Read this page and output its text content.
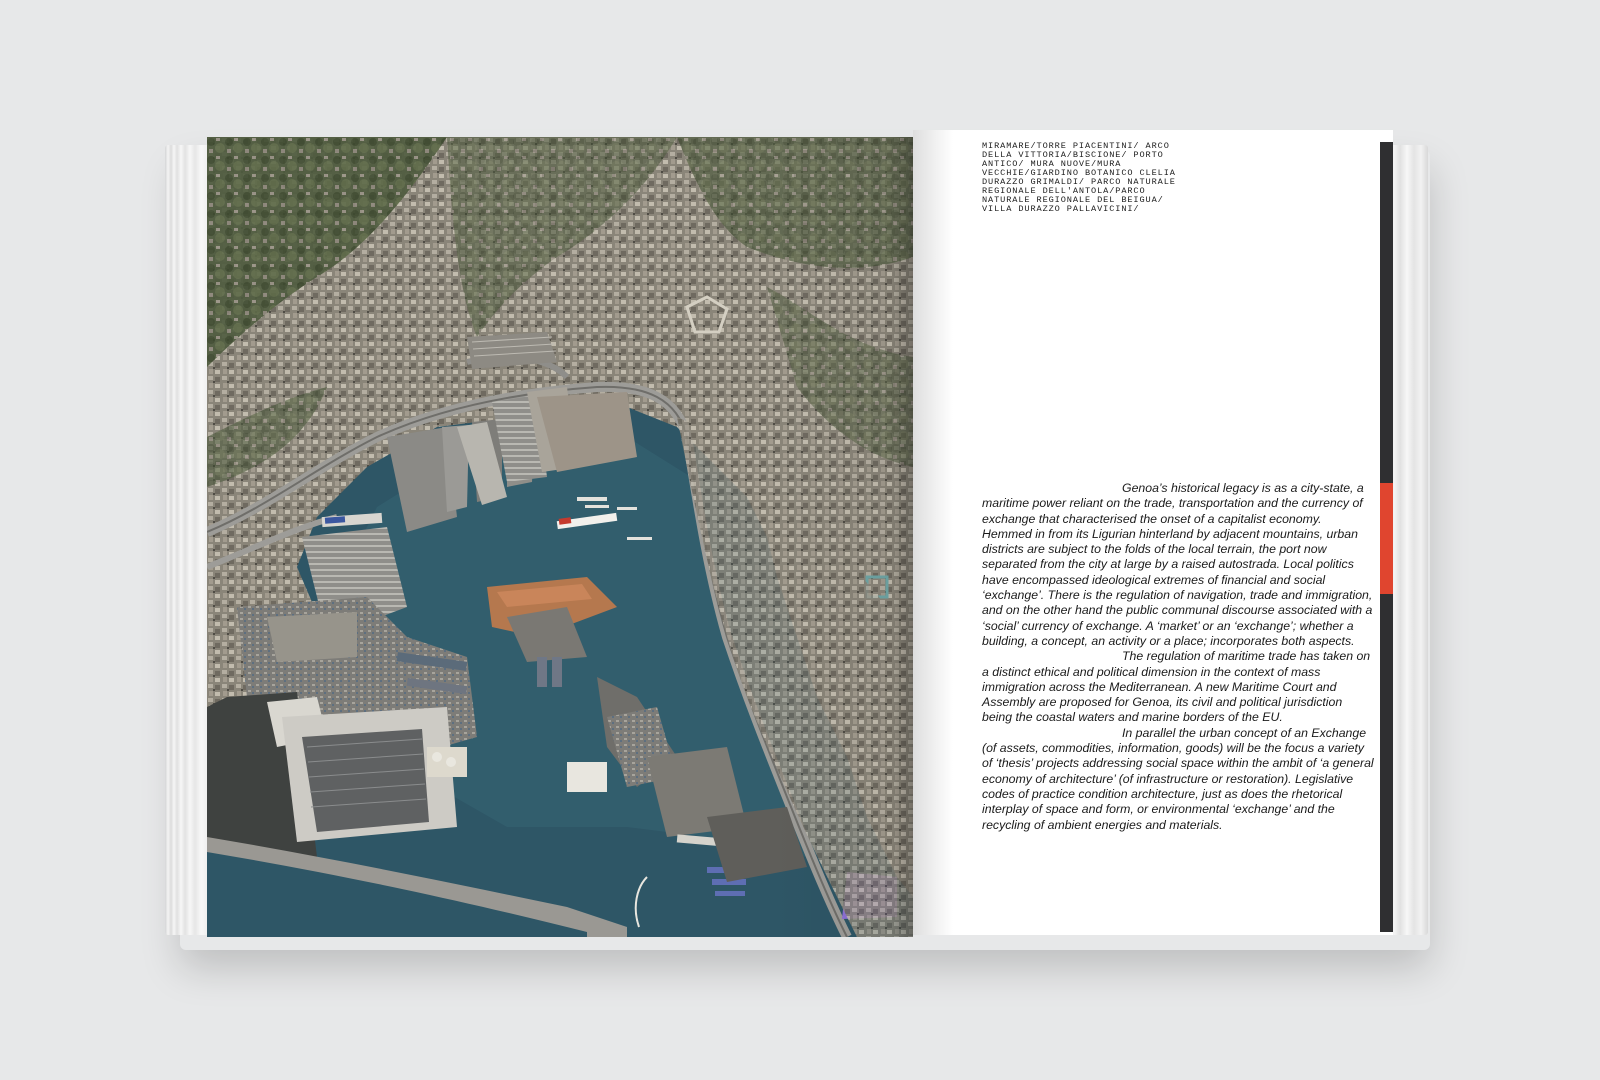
MIRAMARE/TORRE PIACENTINI/ ARCO DELLA VITTORIA/BISCIONE/ PORTO ANTICO/ MURA NUOVE/MURA VECCHIE/GIARDINO BOTANICO CLELIA DURAZZO GRIMALDI/ PARCO NATURALE REGIONALE DELL'ANTOLA/PARCO NATURALE REGIONALE DEL BEIGUA/ VILLA DURAZZO PALLAVICINI/

Genoa’s historical legacy is as a city-state, a maritime power reliant on the trade, transportation and the currency of exchange that characterised the onset of a capitalist economy. Hemmed in from its Ligurian hinterland by adjacent mountains, urban districts are subject to the folds of the local terrain, the port now separated from the city at large by a raised autostrada. Local politics have encompassed ideological extremes of financial and social ‘exchange’. There is the regulation of navigation, trade and immigration, and on the other hand the public communal discourse associated with a ‘social’ currency of exchange. A ‘market’ or an ‘exchange’; whether a building, a concept, an activity or a place; incorporates both aspects.

The regulation of maritime trade has taken on a distinct ethical and political dimension in the context of mass immigration across the Mediterranean. A new Maritime Court and Assembly are proposed for Genoa, its civil and political jurisdiction being the coastal waters and marine borders of the EU.

In parallel the urban concept of an Exchange (of assets, commodities, information, goods) will be the focus a variety of ‘thesis’ projects addressing social space within the ambit of ‘a general economy of architecture’ (of infrastructure or restoration). Legislative codes of practice condition architecture, just as does the rhetorical interplay of space and form, or environmental ‘exchange’ and the recycling of ambient energies and materials.
